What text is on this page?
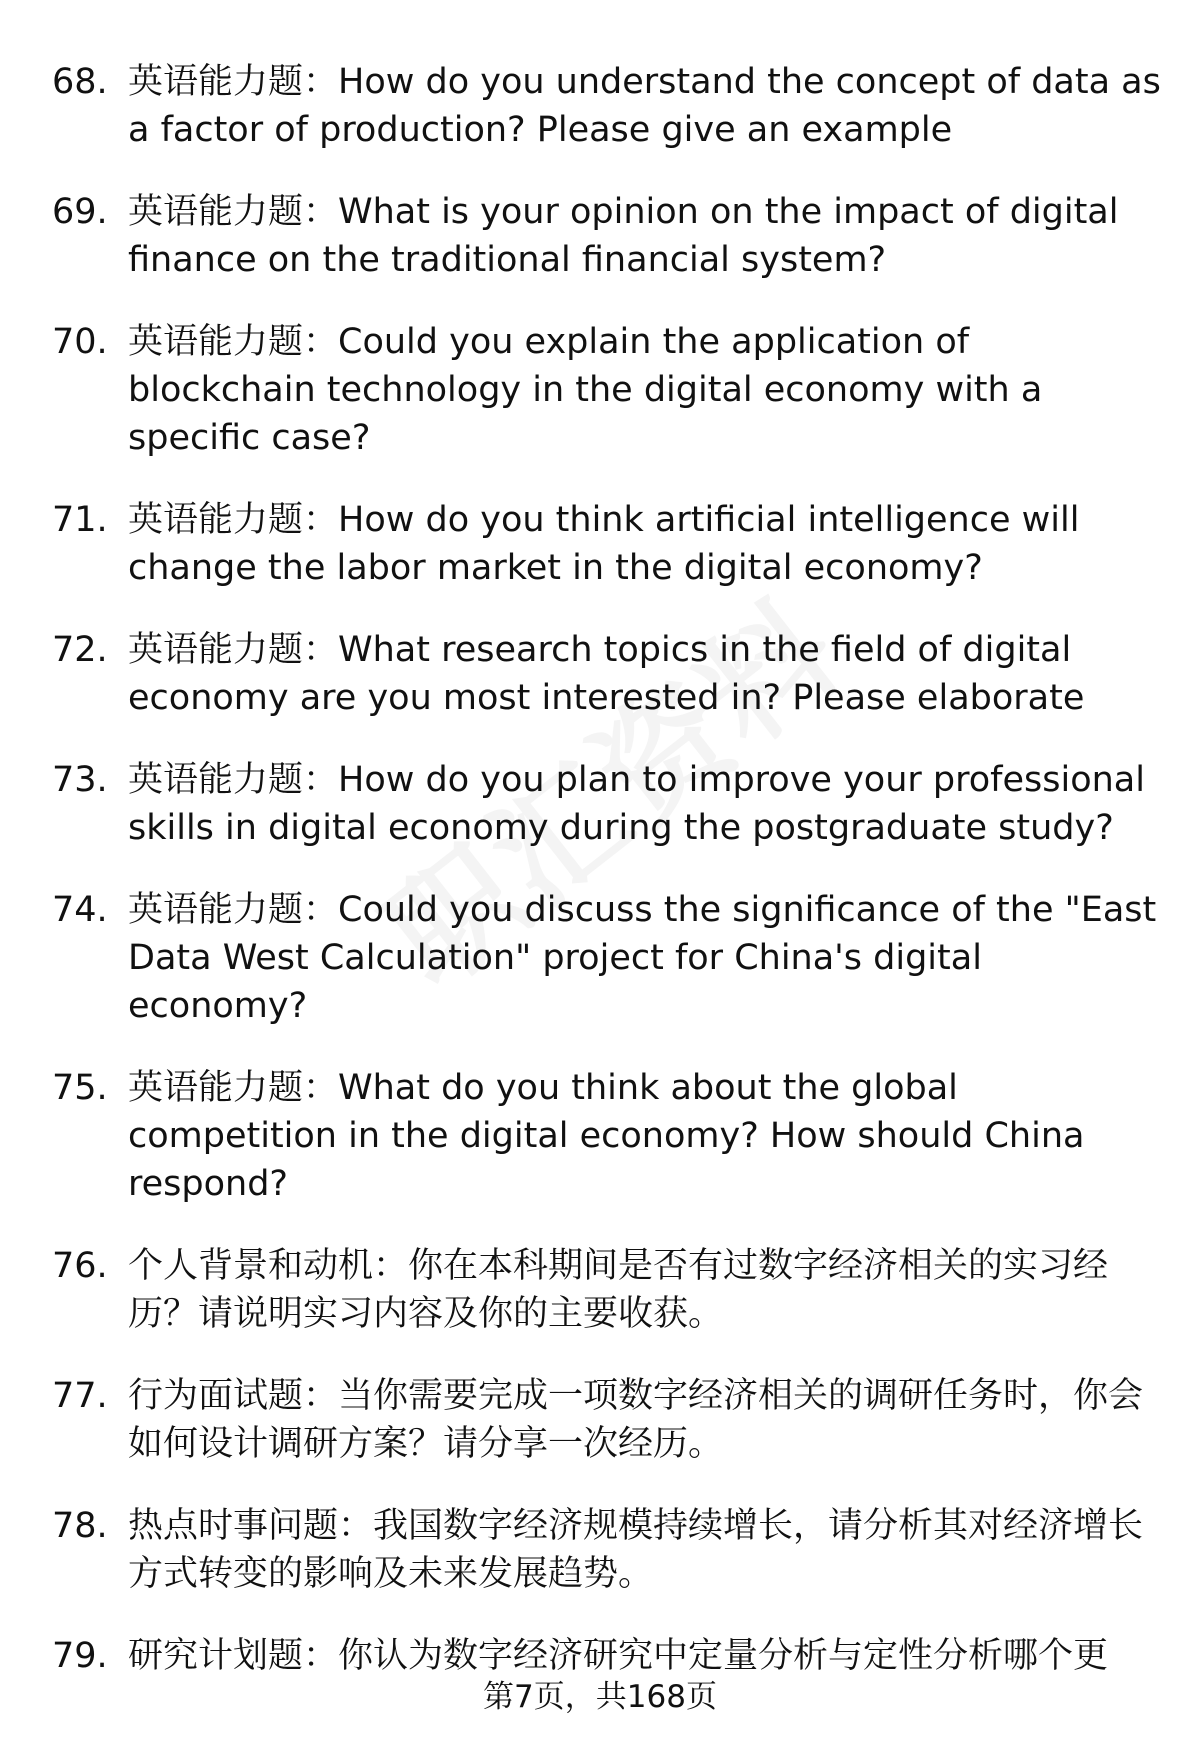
68. 英语能力题：How do you understand the concept of data as a factor of production? Please give an example
69. 英语能力题：What is your opinion on the impact of digital finance on the traditional financial system?
70. 英语能力题：Could you explain the application of blockchain technology in the digital economy with a specific case?
71. 英语能力题：How do you think artificial intelligence will change the labor market in the digital economy?
72. 英语能力题：What research topics in the field of digital economy are you most interested in? Please elaborate
73. 英语能力题：How do you plan to improve your professional skills in digital economy during the postgraduate study?
74. 英语能力题：Could you discuss the significance of the "East Data West Calculation" project for China's digital economy?
75. 英语能力题：What do you think about the global competition in the digital economy? How should China respond?
76. 个人背景和动机：你在本科期间是否有过数字经济相关的实习经历？请说明实习内容及你的主要收获。
77. 行为面试题：当你需要完成一项数字经济相关的调研任务时，你会如何设计调研方案？请分享一次经历。
78. 热点时事问题：我国数字经济规模持续增长，请分析其对经济增长方式转变的影响及未来发展趋势。
79. 研究计划题：你认为数字经济研究中定量分析与定性分析哪个更
第7页，共168页
